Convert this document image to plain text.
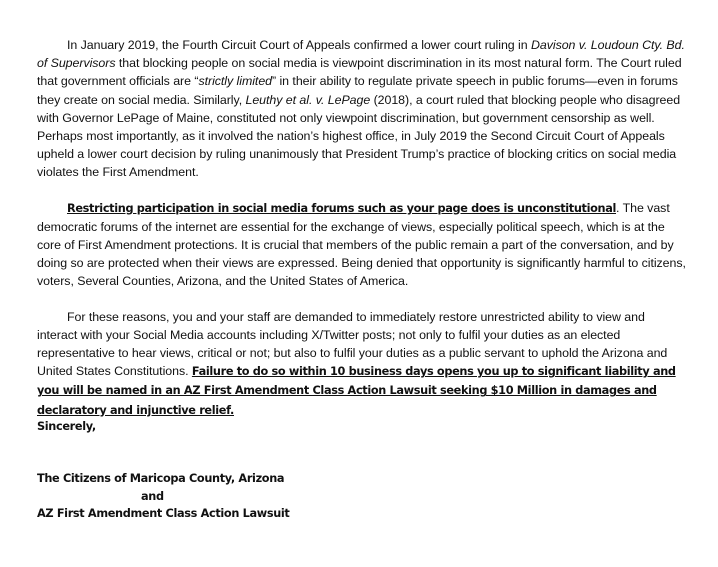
In January 2019, the Fourth Circuit Court of Appeals confirmed a lower court ruling in Davison v. Loudoun Cty. Bd. of Supervisors that blocking people on social media is viewpoint discrimination in its most natural form. The Court ruled that government officials are “strictly limited” in their ability to regulate private speech in public forums—even in forums they create on social media. Similarly, Leuthy et al. v. LePage (2018), a court ruled that blocking people who disagreed with Governor LePage of Maine, constituted not only viewpoint discrimination, but government censorship as well. Perhaps most importantly, as it involved the nation’s highest office, in July 2019 the Second Circuit Court of Appeals upheld a lower court decision by ruling unanimously that President Trump’s practice of blocking critics on social media violates the First Amendment.

Restricting participation in social media forums such as your page does is unconstitutional. The vast democratic forums of the internet are essential for the exchange of views, especially political speech, which is at the core of First Amendment protections. It is crucial that members of the public remain a part of the conversation, and by doing so are protected when their views are expressed. Being denied that opportunity is significantly harmful to citizens, voters, Several Counties, Arizona, and the United States of America.

For these reasons, you and your staff are demanded to immediately restore unrestricted ability to view and interact with your Social Media accounts including X/Twitter posts; not only to fulfil your duties as an elected representative to hear views, critical or not; but also to fulfil your duties as a public servant to uphold the Arizona and United States Constitutions. Failure to do so within 10 business days opens you up to significant liability and you will be named in an AZ First Amendment Class Action Lawsuit seeking $10 Million in damages and declaratory and injunctive relief.

Sincerely,

The Citizens of Maricopa County, Arizona
and
AZ First Amendment Class Action Lawsuit
